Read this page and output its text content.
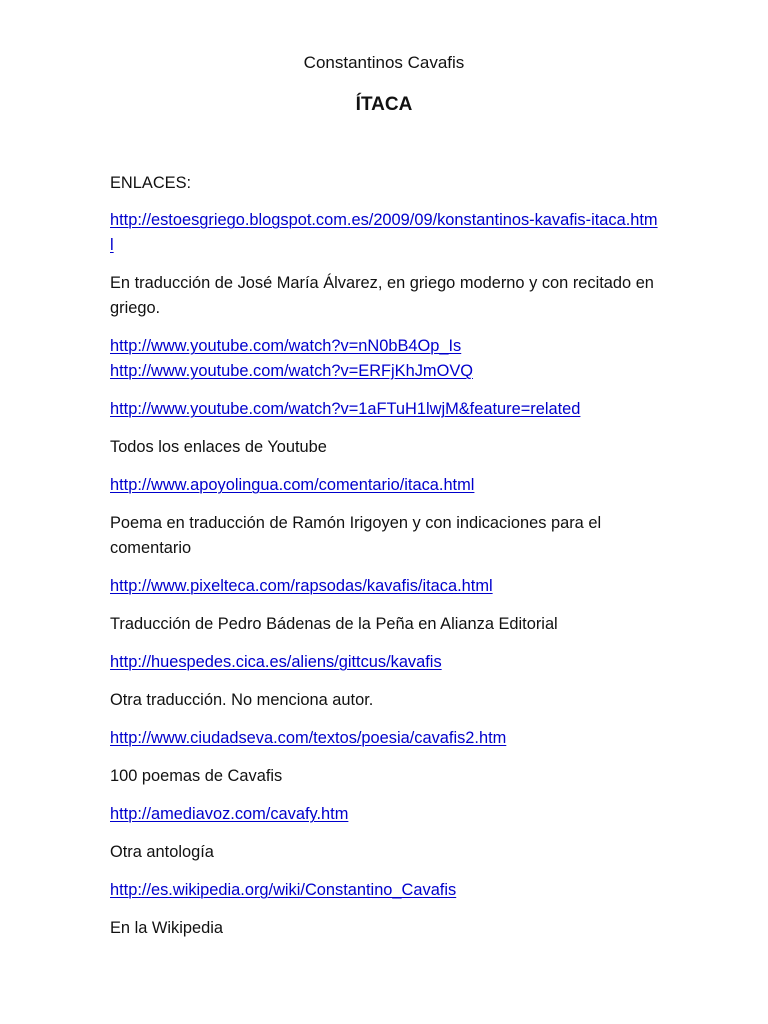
Constantinos Cavafis
ÍTACA

ENLACES:

http://estoesgriego.blogspot.com.es/2009/09/konstantinos-kavafis-itaca.html

En traducción de José María Álvarez, en griego moderno y con recitado en griego.

http://www.youtube.com/watch?v=nN0bB4Op_Is

http://www.youtube.com/watch?v=ERFjKhJmOVQ

http://www.youtube.com/watch?v=1aFTuH1lwjM&feature=related

Todos los enlaces de Youtube

http://www.apoyolingua.com/comentario/itaca.html

Poema en traducción de Ramón Irigoyen y con indicaciones para el comentario

http://www.pixelteca.com/rapsodas/kavafis/itaca.html

Traducción de Pedro Bádenas de la Peña en Alianza Editorial

http://huespedes.cica.es/aliens/gittcus/kavafis

Otra traducción. No menciona autor.

http://www.ciudadseva.com/textos/poesia/cavafis2.htm

100 poemas de Cavafis

http://amediavoz.com/cavafy.htm

Otra antología

http://es.wikipedia.org/wiki/Constantino_Cavafis

En la Wikipedia
